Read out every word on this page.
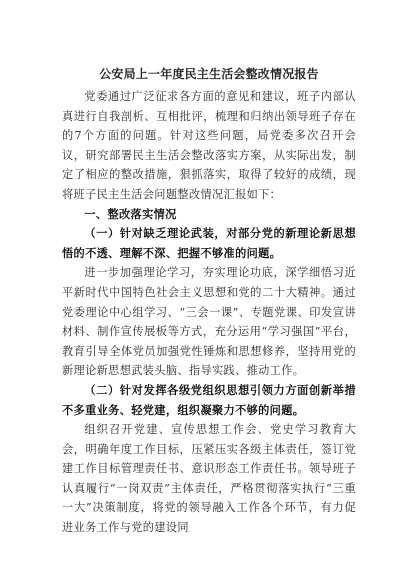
公安局上一年度民主生活会整改情况报告

党委通过广泛征求各方面的意见和建议，班子内部认真进行自我剖析、互相批评，梳理和归纳出领导班子存在的7个方面的问题。针对这些问题，局党委多次召开会议，研究部署民主生活会整改落实方案，从实际出发，制定了相应的整改措施，狠抓落实，取得了较好的成绩，现将班子民主生活会问题整改情况汇报如下：

一、整改落实情况

（一）针对缺乏理论武装，对部分党的新理论新思想悟的不透、理解不深、把握不够准的问题。

进一步加强理论学习，夯实理论功底，深学细悟习近平新时代中国特色社会主义思想和党的二十大精神。通过党委理论中心组学习、“三会一课”、专题党课、印发宣讲材料、制作宣传展板等方式，充分运用“学习强国”平台，教育引导全体党员加强党性锤炼和思想修养，坚持用党的新理论新思想武装头脑、指导实践、推动工作。

（二）针对发挥各级党组织思想引领力方面创新举措不多重业务、轻党建，组织凝聚力不够的问题。

组织召开党建、宣传思想工作会、党史学习教育大会，明确年度工作目标，压紧压实各级主体责任，签订党建工作目标管理责任书、意识形态工作责任书。领导班子认真履行“一岗双责”主体责任，严格贯彻落实执行“三重一大”决策制度，将党的领导融入工作各个环节，有力促进业务工作与党的建设同
